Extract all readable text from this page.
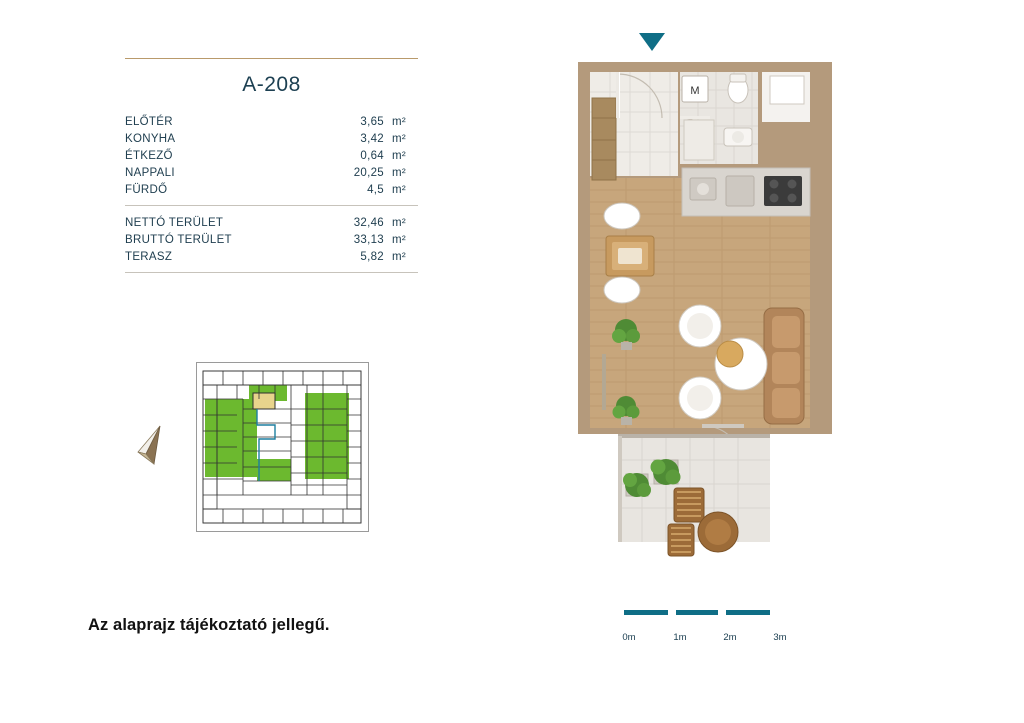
A-208
ELŐTÉR	3,65	m²
KONYHA	3,42	m²
ÉTKEZŐ	0,64	m²
NAPPALI	20,25	m²
FÜRDŐ	4,5	m²

NETTÓ TERÜLET	32,46	m²
BRUTTÓ TERÜLET	33,13	m²
TERASZ	5,82	m²
Az alaprajz tájékoztató jellegű.
M
0m	1m	2m	3m
